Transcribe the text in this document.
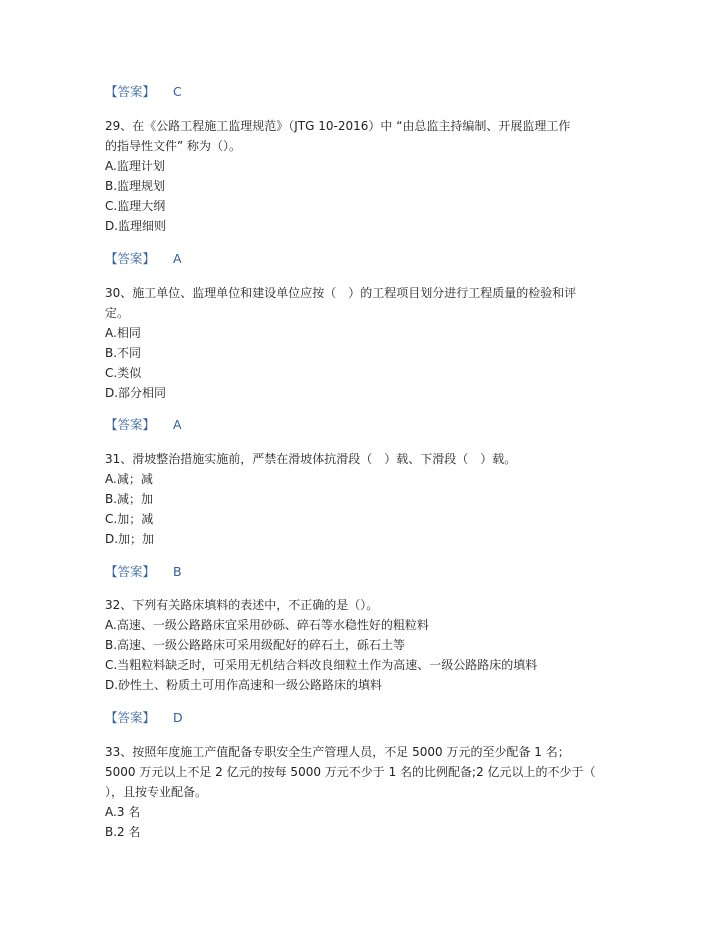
【答案】 C
29、在《公路工程施工监理规范》（JTG 10-2016）中 “由总监主持编制、开展监理工作
的指导性文件” 称为（）。
A.监理计划
B.监理规划
C.监理大纲
D.监理细则
【答案】 A
30、施工单位、监理单位和建设单位应按（　）的工程项目划分进行工程质量的检验和评
定。
A.相同
B.不同
C.类似
D.部分相同
【答案】 A
31、滑坡整治措施实施前，严禁在滑坡体抗滑段（　）载、下滑段（　）载。
A.减；减
B.减；加
C.加；减
D.加；加
【答案】 B
32、下列有关路床填料的表述中，不正确的是（）。
A.高速、一级公路路床宜采用砂砾、碎石等水稳性好的粗粒料
B.高速、一级公路路床可采用级配好的碎石土，砾石土等
C.当粗粒料缺乏时，可采用无机结合料改良细粒土作为高速、一级公路路床的填料
D.砂性土、粉质土可用作高速和一级公路路床的填料
【答案】 D
33、按照年度施工产值配备专职安全生产管理人员，不足 5000 万元的至少配备 1 名；
5000 万元以上不足 2 亿元的按每 5000 万元不少于 1 名的比例配备;2 亿元以上的不少于（
），且按专业配备。
A.3 名
B.2 名
